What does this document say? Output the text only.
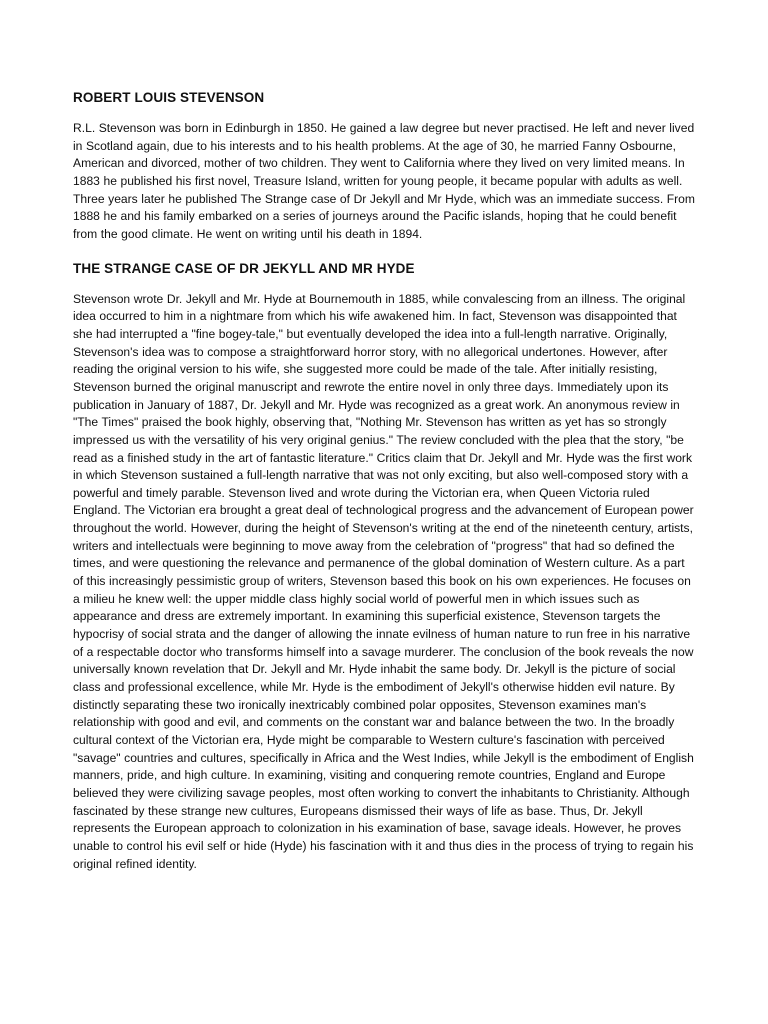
ROBERT LOUIS STEVENSON

R.L. Stevenson was born in Edinburgh in 1850. He gained a law degree but never practised. He left and never lived in Scotland again, due to his interests and to his health problems. At the age of 30, he married Fanny Osbourne, American and divorced, mother of two children. They went to California where they lived on very limited means. In 1883 he published his first novel, Treasure Island, written for young people, it became popular with adults as well. Three years later he published The Strange case of Dr Jekyll and Mr Hyde, which was an immediate success. From 1888 he and his family embarked on a series of journeys around the Pacific islands, hoping that he could benefit from the good climate. He went on writing until his death in 1894.

THE STRANGE CASE OF DR JEKYLL AND MR HYDE

Stevenson wrote Dr. Jekyll and Mr. Hyde at Bournemouth in 1885, while convalescing from an illness. The original idea occurred to him in a nightmare from which his wife awakened him. In fact, Stevenson was disappointed that she had interrupted a "fine bogey-tale," but eventually developed the idea into a full-length narrative. Originally, Stevenson's idea was to compose a straightforward horror story, with no allegorical undertones. However, after reading the original version to his wife, she suggested more could be made of the tale. After initially resisting, Stevenson burned the original manuscript and rewrote the entire novel in only three days. Immediately upon its publication in January of 1887, Dr. Jekyll and Mr. Hyde was recognized as a great work. An anonymous review in "The Times" praised the book highly, observing that, "Nothing Mr. Stevenson has written as yet has so strongly impressed us with the versatility of his very original genius." The review concluded with the plea that the story, "be read as a finished study in the art of fantastic literature." Critics claim that Dr. Jekyll and Mr. Hyde was the first work in which Stevenson sustained a full-length narrative that was not only exciting, but also well-composed story with a powerful and timely parable. Stevenson lived and wrote during the Victorian era, when Queen Victoria ruled England. The Victorian era brought a great deal of technological progress and the advancement of European power throughout the world. However, during the height of Stevenson's writing at the end of the nineteenth century, artists, writers and intellectuals were beginning to move away from the celebration of "progress" that had so defined the times, and were questioning the relevance and permanence of the global domination of Western culture. As a part of this increasingly pessimistic group of writers, Stevenson based this book on his own experiences. He focuses on a milieu he knew well: the upper middle class highly social world of powerful men in which issues such as appearance and dress are extremely important. In examining this superficial existence, Stevenson targets the hypocrisy of social strata and the danger of allowing the innate evilness of human nature to run free in his narrative of a respectable doctor who transforms himself into a savage murderer. The conclusion of the book reveals the now universally known revelation that Dr. Jekyll and Mr. Hyde inhabit the same body. Dr. Jekyll is the picture of social class and professional excellence, while Mr. Hyde is the embodiment of Jekyll's otherwise hidden evil nature. By distinctly separating these two ironically inextricably combined polar opposites, Stevenson examines man's relationship with good and evil, and comments on the constant war and balance between the two. In the broadly cultural context of the Victorian era, Hyde might be comparable to Western culture's fascination with perceived "savage" countries and cultures, specifically in Africa and the West Indies, while Jekyll is the embodiment of English manners, pride, and high culture. In examining, visiting and conquering remote countries, England and Europe believed they were civilizing savage peoples, most often working to convert the inhabitants to Christianity. Although fascinated by these strange new cultures, Europeans dismissed their ways of life as base. Thus, Dr. Jekyll represents the European approach to colonization in his examination of base, savage ideals. However, he proves unable to control his evil self or hide (Hyde) his fascination with it and thus dies in the process of trying to regain his original refined identity.
